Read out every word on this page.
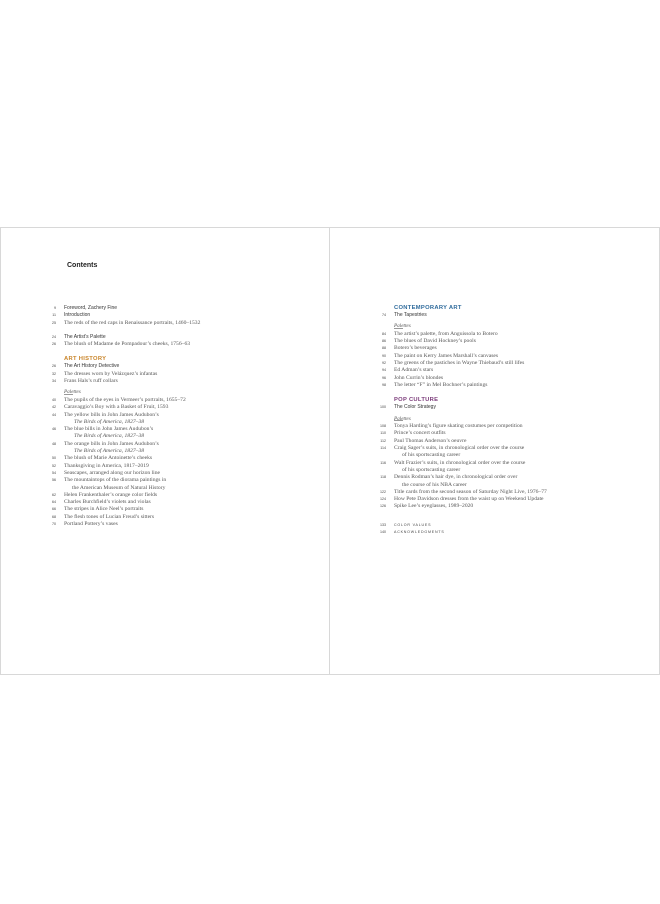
Contents
9	Foreword, Zachery Fine
11	Introduction
25	The reds of the red caps in Renaissance portraits, 1460–1532
24	The Artist’s Palette
26	The blush of Madame de Pompadour’s cheeks, 1756–63
ART HISTORY
26	The Art History Detective
32	The dresses worn by Velázquez’s infantas
34	Frans Hals’s ruff collars
Palettes
40	The pupils of the eyes in Vermeer’s portraits, 1655–72
42	Caravaggio’s Boy with a Basket of Fruit, 1593
44	The yellow bills in John James Audubon’s
The Birds of America, 1827–38
46	The blue bills in John James Audubon’s
The Birds of America, 1827–38
48	The orange bills in John James Audubon’s
The Birds of America, 1827–38
50	The blush of Marie Antoinette’s cheeks
52	Thanksgiving in America, 1817–2019
54	Seascapes, arranged along our horizon line
56	The mountaintops of the diorama paintings in
the American Museum of Natural History
62	Helen Frankenthaler’s orange color fields
64	Charles Burchfield’s violets and violas
66	The stripes in Alice Neel’s portraits
68	The flesh tones of Lucian Freud’s sitters
70	Portland Pottery’s vases
CONTEMPORARY ART
74	The Tapestries
Palettes
84	The artist’s palette, from Anguissola to Botero
86	The blues of David Hockney’s pools
88	Botero’s beverages
90	The paint on Kerry James Marshall’s canvases
92	The greens of the pastiches in Wayne Thiebaud’s still lifes
94	Ed Adman’s stars
96	John Currin’s blondes
98	The letter “F” in Mel Bochner’s paintings
POP CULTURE
100	The Color Strategy
Palettes
108	Tonya Harding’s figure skating costumes per competition
110	Prince’s concert outfits
112	Paul Thomas Anderson’s oeuvre
114	Craig Sager’s suits, in chronological order over the course
of his sportscasting career
116	Walt Frazier’s suits, in chronological order over the course
of his sportscasting career
118	Dennis Rodman’s hair dye, in chronological order over
the course of his NBA career
122	Title cards from the second season of Saturday Night Live, 1976–77
124	How Pete Davidson dresses from the waist up on Weekend Update
126	Spike Lee’s eyeglasses, 1989–2020
133	COLOR VALUES
140	ACKNOWLEDGMENTS
